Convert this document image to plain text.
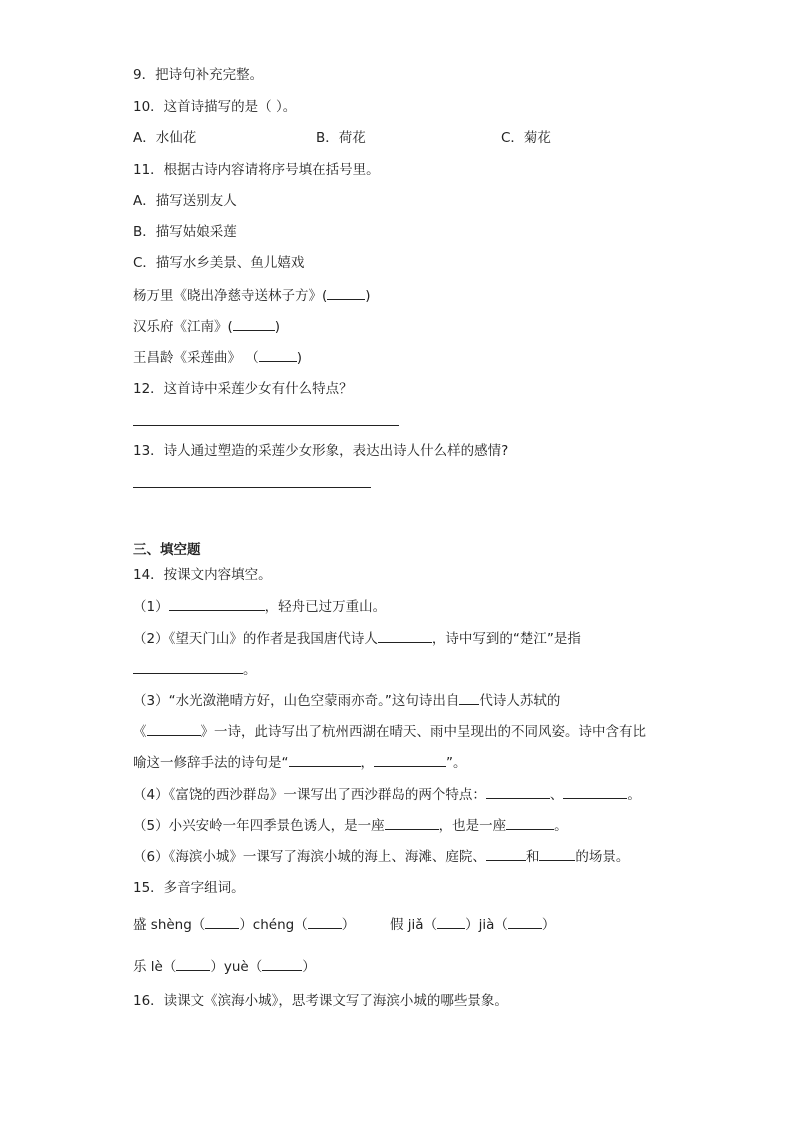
9．把诗句补充完整。
10．这首诗描写的是（ ）。
A．水仙花	B．荷花	C．菊花
11．根据古诗内容请将序号填在括号里。
A．描写送别友人
B．描写姑娘采莲
C．描写水乡美景、鱼儿嬉戏
杨万里《晓出净慈寺送林子方》(	)
汉乐府《江南》(	)
王昌龄《采莲曲》 （	)
12．这首诗中采莲少女有什么特点？
13．诗人通过塑造的采莲少女形象，表达出诗人什么样的感情?
三、填空题
14．按课文内容填空。
（1）	，轻舟已过万重山。
（2）《望天门山》的作者是我国唐代诗人	，诗中写到的“楚江”是指
。
（3）“水光潋滟晴方好，山色空蒙雨亦奇。”这句诗出自 代诗人苏轼的
《	》一诗，此诗写出了杭州西湖在晴天、雨中呈现出的不同风姿。诗中含有比
喻这一修辞手法的诗句是“	，	”。
（4）《富饶的西沙群岛》一课写出了西沙群岛的两个特点：	、	。
（5）小兴安岭一年四季景色诱人，是一座	，也是一座	。
（6）《海滨小城》一课写了海滨小城的海上、海滩、庭院、	和	的场景。
15．多音字组词。
盛 shèng（	）chéng（	）	假 jiǎ（ ）jià（	）
乐 lè（	）yuè（	）
16．读课文《滨海小城》，思考课文写了海滨小城的哪些景象。
